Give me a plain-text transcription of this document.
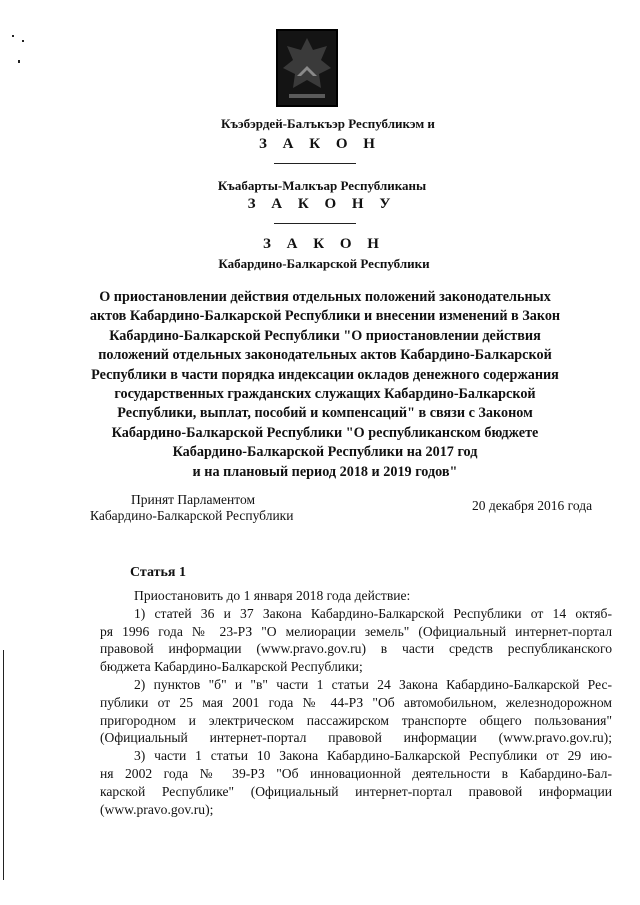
Къэбэрдей-Балъкъэр Республикэм и
З А К О Н
Къабарты-Малкъар Республиканы
З А К О Н У
З А К О Н
Кабардино-Балкарской Республики
О приостановлении действия отдельных положений законодательных
актов Кабардино-Балкарской Республики и внесении изменений в Закон
Кабардино-Балкарской Республики "О приостановлении действия
положений отдельных законодательных актов Кабардино-Балкарской
Республики в части порядка индексации окладов денежного содержания
государственных гражданских служащих Кабардино-Балкарской
Республики, выплат, пособий и компенсаций" в связи с Законом
Кабардино-Балкарской Республики "О республиканском бюджете
Кабардино-Балкарской Республики на 2017 год
и на плановый период 2018 и 2019 годов"
Принят Парламентом
Кабардино-Балкарской Республики
20 декабря 2016 года
Статья 1
Приостановить до 1 января 2018 года действие:
1) статей 36 и 37 Закона Кабардино-Балкарской Республики от 14 октяб-
ря 1996 года № 23-РЗ "О мелиорации земель" (Официальный интернет-портал
правовой информации (www.pravo.gov.ru) в части средств республиканского
бюджета Кабардино-Балкарской Республики;
2) пунктов "б" и "в" части 1 статьи 24 Закона Кабардино-Балкарской Рес-
публики от 25 мая 2001 года № 44-РЗ "Об автомобильном, железнодорожном
пригородном и электрическом пассажирском транспорте общего пользования"
(Официальный интернет-портал правовой информации (www.pravo.gov.ru);
3) части 1 статьи 10 Закона Кабардино-Балкарской Республики от 29 ию-
ня 2002 года № 39-РЗ "Об инновационной деятельности в Кабардино-Бал-
карской Республике" (Официальный интернет-портал правовой информации
(www.pravo.gov.ru);
